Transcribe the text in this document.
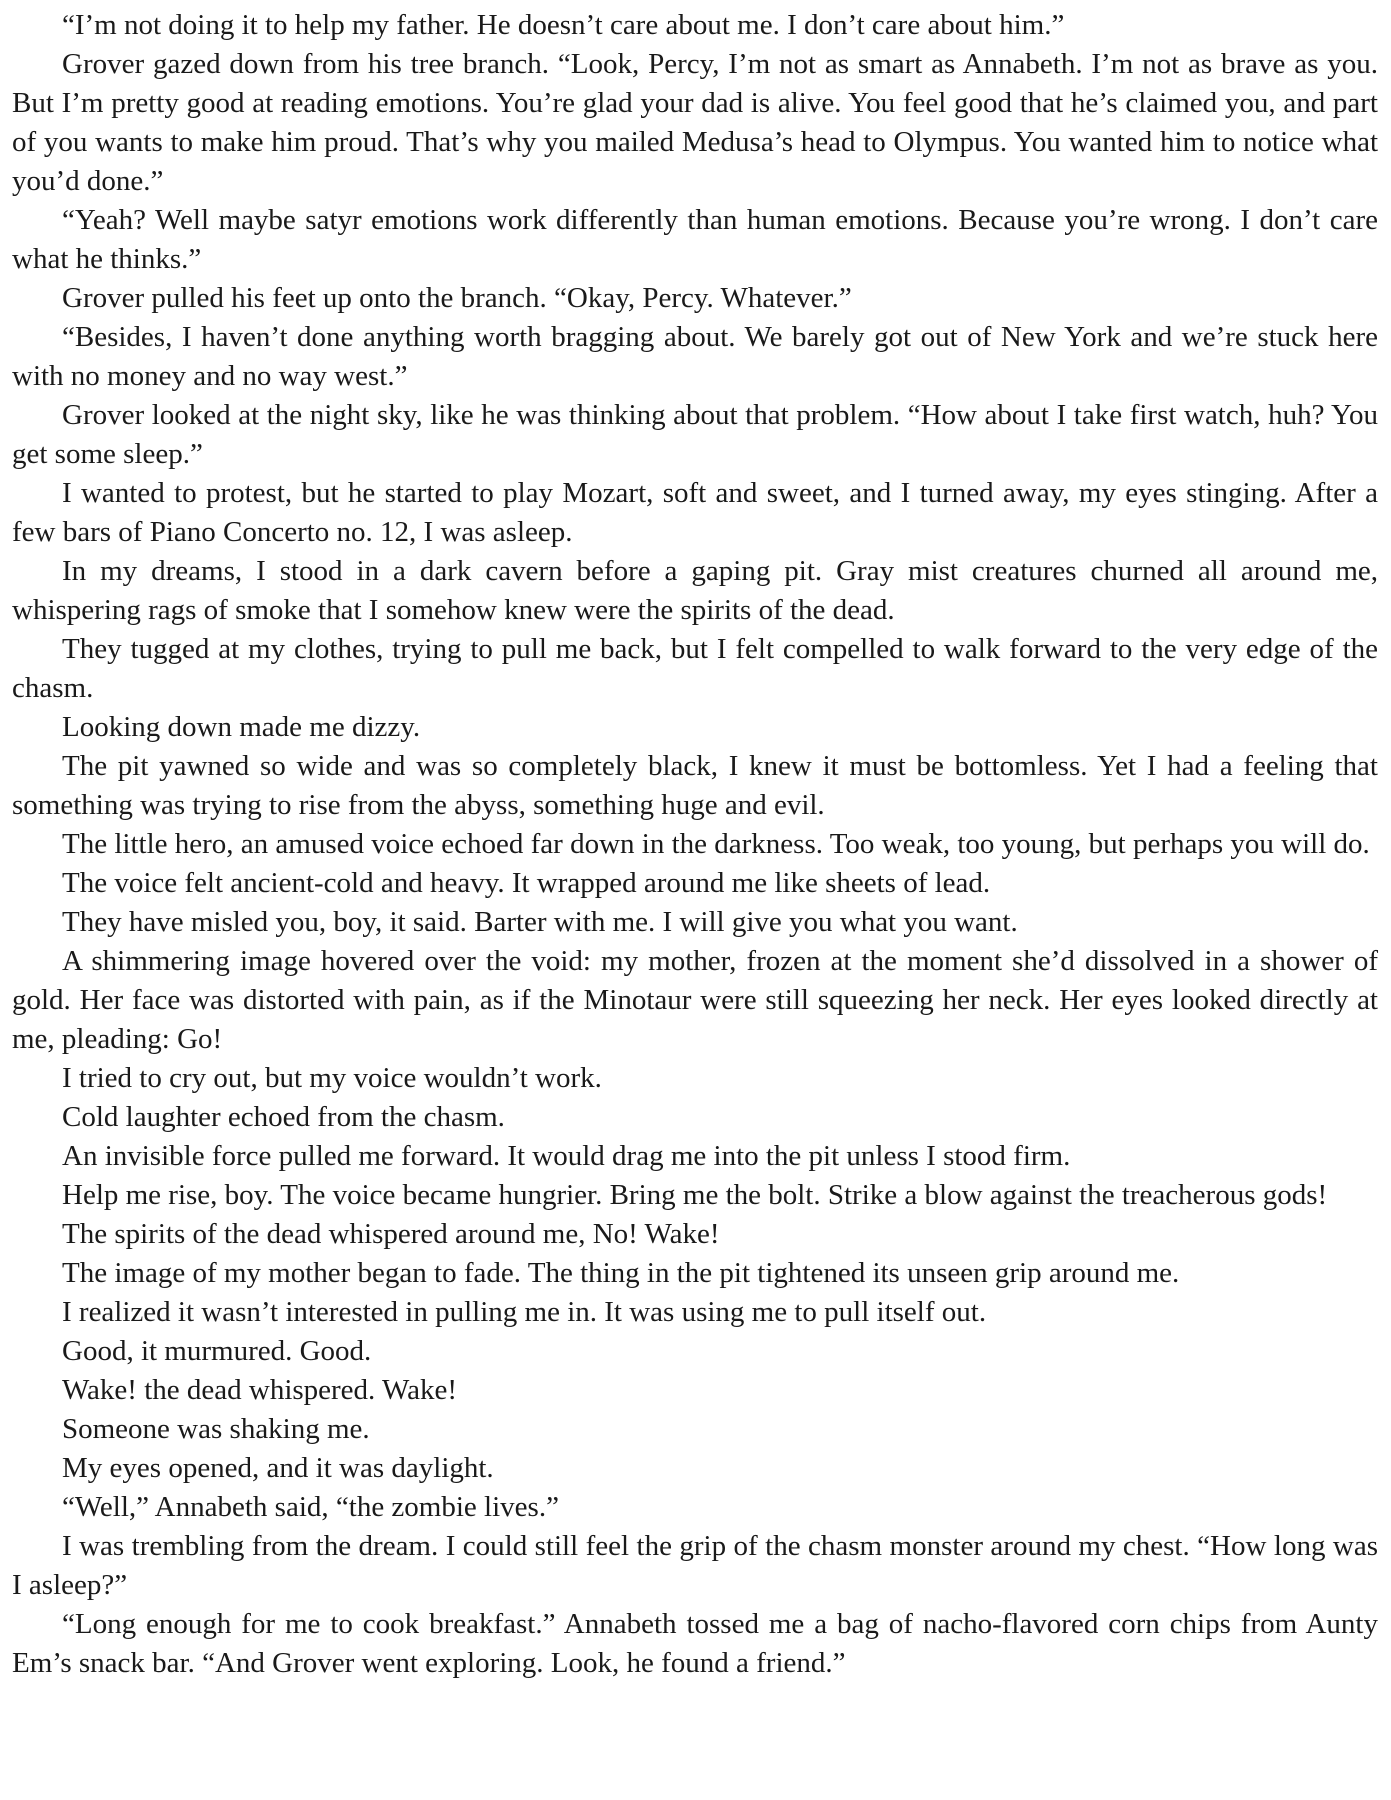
“I’m not doing it to help my father. He doesn’t care about me. I don’t care about him.”

Grover gazed down from his tree branch. “Look, Percy, I’m not as smart as Annabeth. I’m not as brave as you. But I’m pretty good at reading emotions. You’re glad your dad is alive. You feel good that he’s claimed you, and part of you wants to make him proud. That’s why you mailed Medusa’s head to Olympus. You wanted him to notice what you’d done.”

“Yeah? Well maybe satyr emotions work differently than human emotions. Because you’re wrong. I don’t care what he thinks.”

Grover pulled his feet up onto the branch. “Okay, Percy. Whatever.”

“Besides, I haven’t done anything worth bragging about. We barely got out of New York and we’re stuck here with no money and no way west.”

Grover looked at the night sky, like he was thinking about that problem. “How about I take first watch, huh? You get some sleep.”

I wanted to protest, but he started to play Mozart, soft and sweet, and I turned away, my eyes stinging. After a few bars of Piano Concerto no. 12, I was asleep.

In my dreams, I stood in a dark cavern before a gaping pit. Gray mist creatures churned all around me, whispering rags of smoke that I somehow knew were the spirits of the dead.

They tugged at my clothes, trying to pull me back, but I felt compelled to walk forward to the very edge of the chasm.

Looking down made me dizzy.

The pit yawned so wide and was so completely black, I knew it must be bottomless. Yet I had a feeling that something was trying to rise from the abyss, something huge and evil.

The little hero, an amused voice echoed far down in the darkness. Too weak, too young, but perhaps you will do.

The voice felt ancient-cold and heavy. It wrapped around me like sheets of lead.

They have misled you, boy, it said. Barter with me. I will give you what you want.

A shimmering image hovered over the void: my mother, frozen at the moment she’d dissolved in a shower of gold. Her face was distorted with pain, as if the Minotaur were still squeezing her neck. Her eyes looked directly at me, pleading: Go!

I tried to cry out, but my voice wouldn’t work.

Cold laughter echoed from the chasm.

An invisible force pulled me forward. It would drag me into the pit unless I stood firm.

Help me rise, boy. The voice became hungrier. Bring me the bolt. Strike a blow against the treacherous gods!

The spirits of the dead whispered around me, No! Wake!

The image of my mother began to fade. The thing in the pit tightened its unseen grip around me.

I realized it wasn’t interested in pulling me in. It was using me to pull itself out.

Good, it murmured. Good.

Wake! the dead whispered. Wake!

Someone was shaking me.

My eyes opened, and it was daylight.

“Well,” Annabeth said, “the zombie lives.”

I was trembling from the dream. I could still feel the grip of the chasm monster around my chest. “How long was I asleep?”

“Long enough for me to cook breakfast.” Annabeth tossed me a bag of nacho-flavored corn chips from Aunty Em’s snack bar. “And Grover went exploring. Look, he found a friend.”
